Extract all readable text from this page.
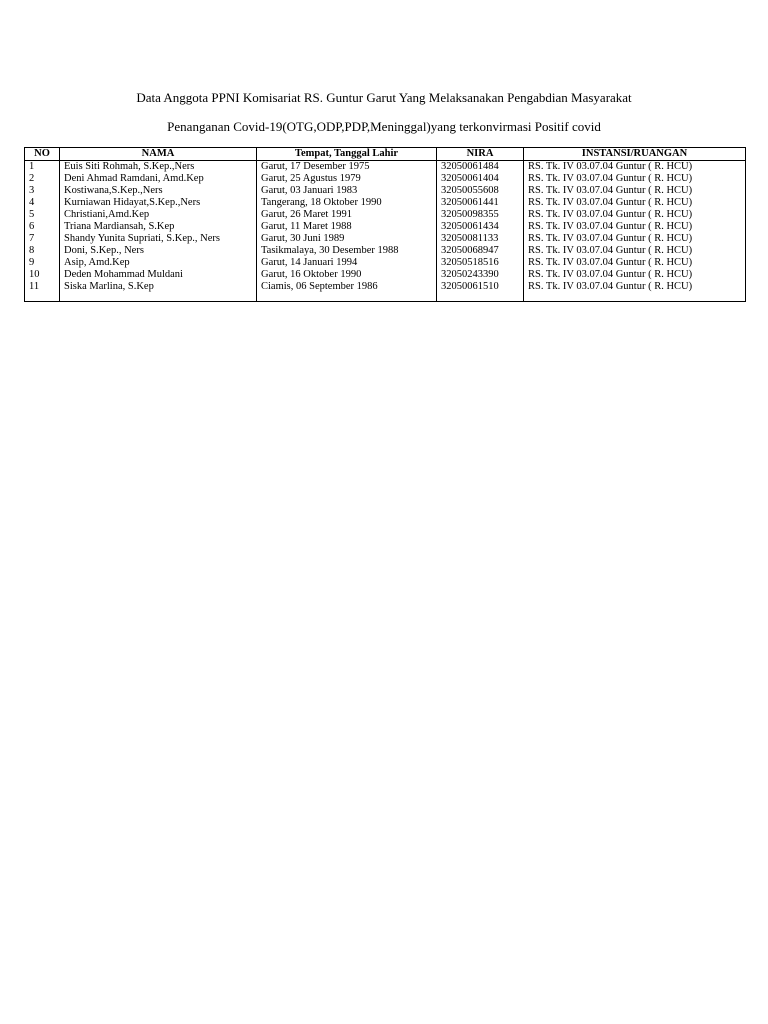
Data Anggota PPNI Komisariat RS. Guntur Garut Yang Melaksanakan Pengabdian Masyarakat
Penanganan Covid-19(OTG,ODP,PDP,Meninggal)yang terkonvirmasi Positif covid
NO	NAMA	Tempat, Tanggal Lahir	NIRA	INSTANSI/RUANGAN
1	Euis Siti Rohmah, S.Kep.,Ners	Garut, 17 Desember 1975	32050061484	RS. Tk. IV 03.07.04 Guntur ( R. HCU)
2	Deni Ahmad Ramdani, Amd.Kep	Garut, 25 Agustus 1979	32050061404	RS. Tk. IV 03.07.04 Guntur ( R. HCU)
3	Kostiwana,S.Kep.,Ners	Garut, 03 Januari 1983	32050055608	RS. Tk. IV 03.07.04 Guntur ( R. HCU)
4	Kurniawan Hidayat,S.Kep.,Ners	Tangerang, 18 Oktober 1990	32050061441	RS. Tk. IV 03.07.04 Guntur ( R. HCU)
5	Christiani,Amd.Kep	Garut, 26 Maret 1991	32050098355	RS. Tk. IV 03.07.04 Guntur ( R. HCU)
6	Triana Mardiansah, S.Kep	Garut, 11 Maret 1988	32050061434	RS. Tk. IV 03.07.04 Guntur ( R. HCU)
7	Shandy Yunita Supriati, S.Kep., Ners	Garut, 30 Juni 1989	32050081133	RS. Tk. IV 03.07.04 Guntur ( R. HCU)
8	Doni, S.Kep., Ners	Tasikmalaya, 30 Desember 1988	32050068947	RS. Tk. IV 03.07.04 Guntur ( R. HCU)
9	Asip, Amd.Kep	Garut, 14 Januari 1994	32050518516	RS. Tk. IV 03.07.04 Guntur ( R. HCU)
10	Deden Mohammad Muldani	Garut, 16 Oktober 1990	32050243390	RS. Tk. IV 03.07.04 Guntur ( R. HCU)
11	Siska Marlina, S.Kep	Ciamis, 06 September 1986	32050061510	RS. Tk. IV 03.07.04 Guntur ( R. HCU)
